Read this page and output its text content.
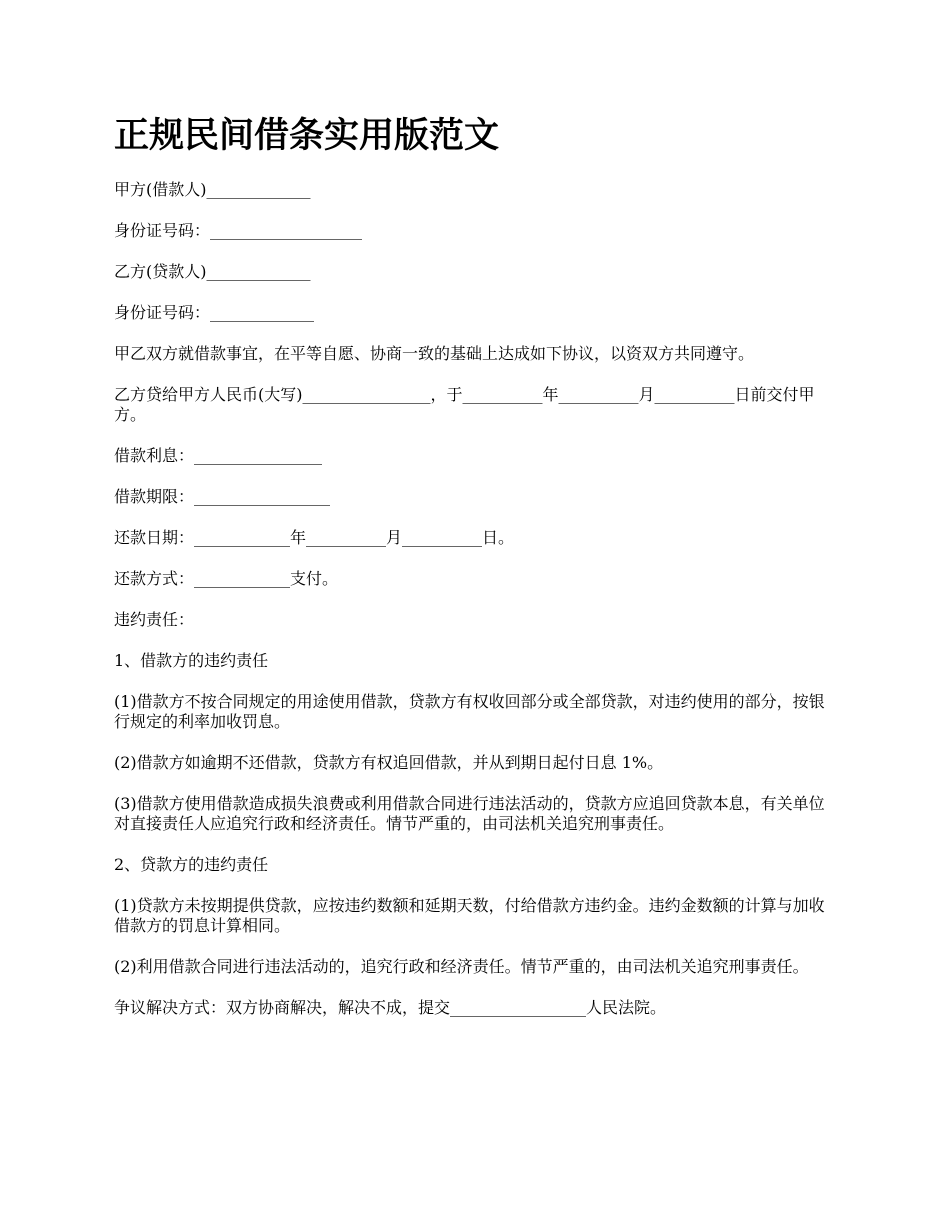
正规民间借条实用版范文

甲方(借款人)_____________

身份证号码：___________________

乙方(贷款人)_____________

身份证号码：_____________

甲乙双方就借款事宜，在平等自愿、协商一致的基础上达成如下协议，以资双方共同遵守。

乙方贷给甲方人民币(大写)________________，于__________年__________月__________日前交付甲方。

借款利息：________________

借款期限：_________________

还款日期：____________年__________月__________日。

还款方式：____________支付。

违约责任：

1、借款方的违约责任

(1)借款方不按合同规定的用途使用借款，贷款方有权收回部分或全部贷款，对违约使用的部分，按银行规定的利率加收罚息。

(2)借款方如逾期不还借款，贷款方有权追回借款，并从到期日起付日息 1%。

(3)借款方使用借款造成损失浪费或利用借款合同进行违法活动的，贷款方应追回贷款本息，有关单位对直接责任人应追究行政和经济责任。情节严重的，由司法机关追究刑事责任。

2、贷款方的违约责任

(1)贷款方未按期提供贷款，应按违约数额和延期天数，付给借款方违约金。违约金数额的计算与加收借款方的罚息计算相同。

(2)利用借款合同进行违法活动的，追究行政和经济责任。情节严重的，由司法机关追究刑事责任。

争议解决方式：双方协商解决，解决不成，提交_________________人民法院。
